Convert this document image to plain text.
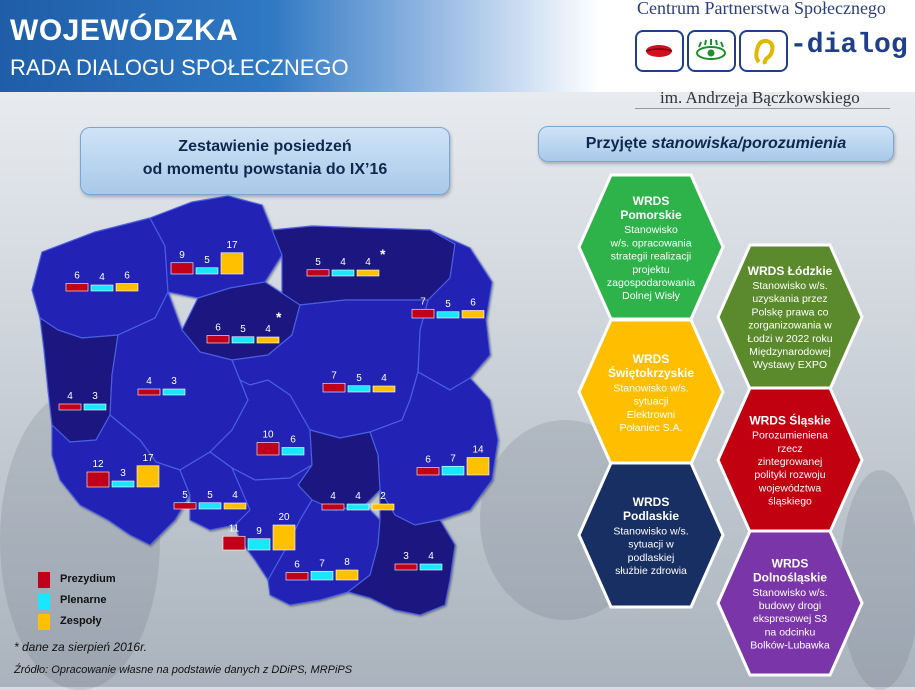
WOJEWÓDZKA
RADA DIALOGU SPOŁECZNEGO
Centrum Partnerstwa Społecznego
-dialog
im. Andrzeja Bączkowskiego
6 4 6
9 5
17
5 4 4
*
7 5 6
6 5 4
*
4 3
4 3
7 5 4
10 6
6 7
14
12
3
17
5 5 4	4 4 2
11 9
20
6 7 8
3 4
Zestawienie posiedzeń
od momentu powstania do IX’16
Przyjęte stanowiska/porozumienia
WRDS
Pomorskie
Stanowisko
w/s. opracowania
strategii realizacji
projektu
zagospodarowania
Dolnej Wisły
WRDS Łódzkie
Stanowisko w/s.
uzyskania przez
Polskę prawa co
zorganizowania w
Łodzi w 2022 roku
Międzynarodowej
Wystawy EXPO
WRDS
Świętokrzyskie
Stanowisko w/s.
sytuacji
Elektrowni
Połaniec S.A.
WRDS Śląskie
Porozumieniena
rzecz
zintegrowanej
polityki rozwoju
województwa
śląskiego
WRDS
Podlaskie
Stanowisko w/s.
sytuacji w
podlaskiej
służbie zdrowia
WRDS
Dolnośląskie
Stanowisko w/s.
budowy drogi
ekspresowej S3
na odcinku
Bolków-Lubawka
Prezydium
Plenarne
Zespoły
* dane za sierpień 2016r.
Źródło: Opracowanie własne na podstawie danych z DDiPS, MRPiPS
